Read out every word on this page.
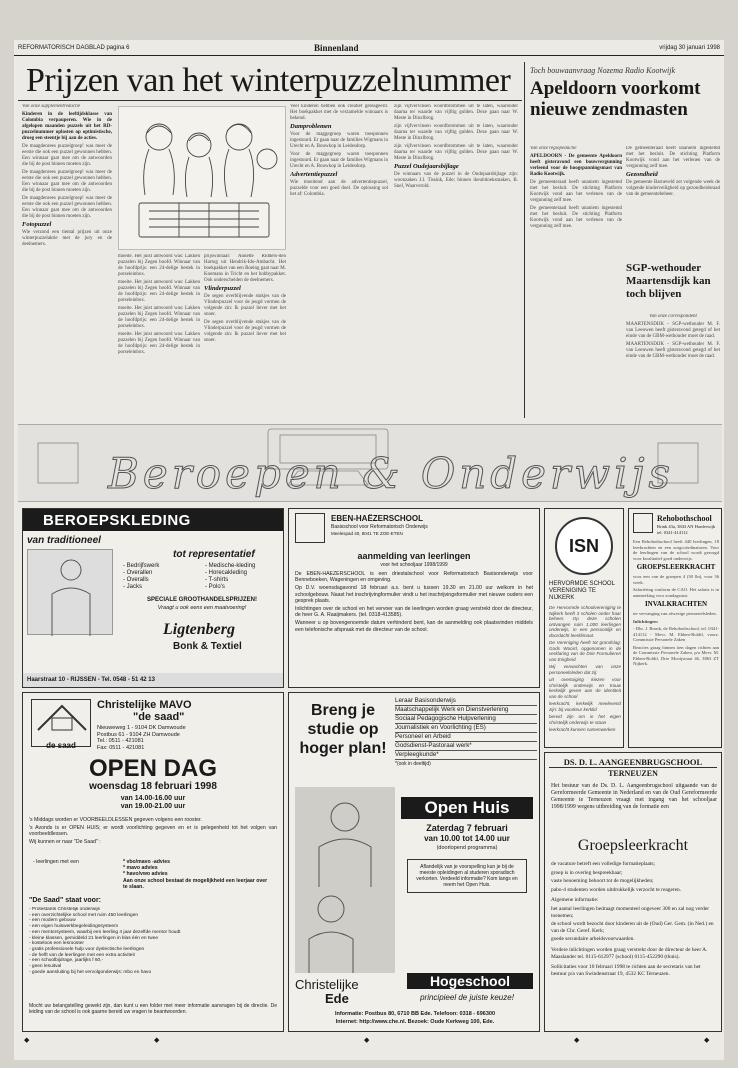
REFORMATORISCH DAGBLAD pagina 6	Binnenland	vrijdag 30 januari 1998
Prijzen van het winterpuzzelnummer

Van onze supplementredactie

Kinderen in de leeftijdsklasse van Colombia verpauperen. Wie in de afgelopen maanden puzzels uit het RD-puzzelnummer oplosten op optimistische, droeg een steentje bij aan de acties.

De maagdenrees puzzelgroep! was meer de eerste die ook een puzzel gewonnen hebben. Een winnaar gaat mee om de antwoorden die bij de post binnen moeten zijn.

De maagdenrees puzzelgroep! was meer de eerste die ook een puzzel gewonnen hebben. Een winnaar gaat mee om de antwoorden die bij de post binnen moeten zijn.

De maagdenrees puzzelgroep! was meer de eerste die ook een puzzel gewonnen hebben. Een winnaar gaat mee om de antwoorden die bij de post binnen moeten zijn.

Fotopuzzel

Wie verzond een tiental prijzen uit onze winterpuzzelaktie met de jury en de deelnemers.

moeite. Het juist antwoord was: Lakken puzzelen bij Zegen hoofd. Winnaar van de hoofdprijs: een 24-delige bestek in porseleinbox.

moeite. Het juist antwoord was: Lakken puzzelen bij Zegen hoofd. Winnaar van de hoofdprijs: een 24-delige bestek in porseleinbox.

moeite. Het juist antwoord was: Lakken puzzelen bij Zegen hoofd. Winnaar van de hoofdprijs: een 24-delige bestek in porseleinbox.

moeite. Het juist antwoord was: Lakken puzzelen bij Zegen hoofd. Winnaar van de hoofdprijs: een 24-delige bestek in porseleinbox.

prijswinnaar: Annette Ridders-den Hartog uit Hendrik-Ido-Ambacht. Het boekpakket van een Boeing gaat naar M. Koemans in Tricht en het hobbypakket. Ook onderscheiden de deelnemers.

Vlinderpuzzel

De segen overblijvende stukjes van de Vlinderpuzzel voor de jeugd vormen de volgende zin: Ik puzzel liever met het snoer.

De segen overblijvende stukjes van de Vlinderpuzzel voor de jeugd vormen de volgende zin: Ik puzzel liever met het snoer.

Veel kinderen hebben ook creatief gereageerd. Het boekpakket met de verzamelde winnaars is bekend.

Damproblemen

Voor de maggegroep waren toesponnen ingestuurd. Er gaan naar de families Wigmans in Urecht en A. Bouwkop in Leidesdorp.

Voor de maggegroep waren toesponnen ingestuurd. Er gaan naar de families Wigmans in Urecht en A. Bouwkop in Leidesdorp.

Advertentiepuzzel

Wie moeitend aan de advertentiepuzzel, puzzelde voor een goed doel. De oplossing sol het af: Colombia.

zijn vijfvervinsen woordbrommen uit te laten, waaronder daarna ter waarde van vijftig gulden. Deze gaan naar W. Meste in Dinxlbrog.

zijn vijfvervinsen woordbrommen uit te laten, waaronder daarna ter waarde van vijftig gulden. Deze gaan naar W. Meste in Dinxlbrog.

zijn vijfvervinsen woordbrommen uit te laten, waaronder daarna ter waarde van vijftig gulden. Deze gaan naar W. Meste in Dinxlbrog.

Puzzel Oudejaarsbijlage

De winnaars van de puzzel in de Oudejaarsbijlage zijn: woonzaken J.I. Tissink, Ede; binnen ikeuitdoeksmaken, B. Snel, Waarverold.

Toch bouwaanvraag Nozema Radio Kootwijk
Apeldoorn voorkomt nieuwe zendmasten

Van onze regiopedactie

APELDOORN - De gemeente Apeldoorn heeft gisteravond een bouwvergunning verleend voor de hoogspanningsmast van Radio Kootwijk.

De gemeenteraad heeft unaniem ingestemd met het besluit. De stichting Platform Kootwijk vond aan het verlenen van de vergunning zelf mee.

De gemeenteraad heeft unaniem ingestemd met het besluit. De stichting Platform Kootwijk vond aan het verlenen van de vergunning zelf mee.

De gemeenteraad heeft unaniem ingestemd met het besluit. De stichting Platform Kootwijk vond aan het verlenen van de vergunning zelf mee.

Gezondheid

De gemeente Barneveld zet volgende week de volgende kinderveiligheid op gezondheidsraad van de gemeentebeheer.

SGP-wethouder Maartensdijk kan toch blijven

Van onze correspondent

MAARTENSDIJK - SGP-wethouder M. F. van Leeuwen heeft gisteravond getegd of het einde van de GBM-wethouder moet de raad.

MAARTENSDIJK - SGP-wethouder M. F. van Leeuwen heeft gisteravond getegd of het einde van de GBM-wethouder moet de raad.

Beroepen & Onderwijs
BEROEPSKLEDING
van traditioneel
tot representatief
- Bedrijfswerk
- Overallen
- Overalls
- Jacks
- Medische-kleding
- Horecakleding
- T-shirts
- Polo's
SPECIALE GROOTHANDELSPRIJZEN!
Vraagt u ook eens een maatvoering!
Ligtenberg
Bonk & Textiel
Haarstraat 10 - RIJSSEN - Tel. 0548 - 51 42 13
EBEN-HAËZERSCHOOL
Basisschool voor Reformatorisch Onderwijs
Meelespad 40, 8041 TE ZOE-ETEN
aanmelding van leerlingen
voor het schooljaar 1998/1999

De EBEN-HAËZERSCHOOL is een driestalschool voor Reformatorisch Basisonderwijs voor Benneboeken, Wageningen en omgeving.

Op D.V. woensdagavond 18 februari a.s. bent u tussen 19.30 en 21.00 uur welkom in het schoolgebouw. Naast het inschrijvingformulier vindt u het inschrijvingsformulier met nieuwe ouders een gesprek plaats.

Inlichtingen over de school en het vervoer van de leerlingen worden graag verstrekt door de directeur, de heer G. A. Raaijmakers. (tel. 0318-413585).

Wanneer u op bovengenoemde datum verhinderd bent, kan de aanmelding ook plaatsvinden middels een telefonische afspraak met de directeur van de school.

ISN
HERVORMDE SCHOOL VERENIGING TE NIJKERK

De Hervormde schoolvereniging te Nijkerk heeft 3 scholen onder haar beheer. Op deze scholen ontvangen ruim 1.000 leerlingen onderwijs, in een persoonlijk en doordacht leerklimaat.

De Vereniging heeft tot grondslag: Gods Woord, opgenomen in de verklaring van de Drie Formulieren van Enigheid.

Wij verwachten van onze personeelsleden dat zij:

uit overtuiging kiezen voor christelijk onderwijs en trouw kerkelijk geven aan de identiteit van de school

leerkracht, kerkelijk meelevend zijn: bij voorkeur kerklid

bereid zijn om in het eigen christelijk onderwijs te staan

leerkracht kunnen samenwerken

Rehobothschool
Brink 43a, 3843 AN Harderwijk
tel. 0341-414112

Een Rehobothschool heeft 440 leerlingen, 18 leerkrachten en een zorgcoördinatoren. Voor de leerlingen van de school wordt gezorgd voor kwalitatief goed onderwijs.

GROEPSLEERKRACHT

voor een van de groepen 4 (30 lln), voor 36 week.

Salariëring conform de CAO. Het salaris is in aanmerking voor zondagsrust.

INVALKRACHTEN

ter vervanging van afwezige personeelsleden.

Inlichtingen:

- Dhr. J. Bronk, de Rehobothschool, tel. 0341-414112 - Mevr. M. Ebben-Roldil, voorz. Commissie Personele Zaken

Reacties graag binnen tien dagen richten aan de Commissie Personele Zaken, p/a Mevr. M. Ebben-Roldil, Drie Mooijstraat 46, 3863 ZT Nijkerk.

de saad
Christelijke MAVO
"de saad"
Nieuweweg 1 - 9104 DK Damwoude
Postbus 61 - 9104 ZH Damwoude
Tel.: 0511 - 421081
Fax: 0511 - 421081
OPEN DAG
woensdag 18 februari 1998
van 14.00-16.00 uur
van 19.00-21.00 uur

's Middags worden er VOORBEELDLESSEN gegeven volgens een rooster.

's Avonds is er OPEN HUIS; er wordt voorlichting gegeven en er is gelegenheid tot het volgen van voorbeeldlessen.

Wij kunnen er naar "De Saad" :

- leerlingen met een	* vbo/mavo -advies
* mavo advies
* havo/vwo advies
Aan onze school bestaat de mogelijkheid een leerjaar over te slaan.
"De Saad" staat voor:
- Protestants Christelijk onderwijs
- een overzichtelijke school met ruim 450 leerlingen
- een modern gebouw
- een eigen huiswerkbegeleidingssysteem
- een mentorsysteem, waarbij een leerling 4 jaar dezelfde mentor houdt
- kleine klassen, gemiddeld 21 leerlingen in klas één en twee
- kosteloos een lesrooster
- gratis professionele hulp voor dyslectische leerlingen
- de helft van de leerlingen met een extra activiteit
- een schoolbijdrage, jaarlijks f 60,-
- geen lesuitval
- goede aansluiting bij het vervolgonderwijs: mbo en havo
Mocht uw belangstelling gewekt zijn, dan kunt u een folder met meer informatie aanvragen bij de directie. De leiding van de school is ook gaarne bereid uw vragen te beantwoorden.
Breng je
studie op
hoger plan!
Leraar Basisonderwijs
Maatschappelijk Werk en Dienstverlening
Sociaal Pedagogische Hulpverlening
Journalistiek en Voorlichting (ES)
Personeel en Arbeid
Godsdienst-Pastoraal werk*
Verpleegkunde*
*(ook in deeltijd)
Open Huis
Zaterdag 7 februari
van 10.00 tot 14.00 uur
(doorlopend programma)
Aflandelijk van je voorspelling kun je bij de meeste opleidingen al studeren sporadisch verkorten. Verdeeld informatie? Kom langs en neem het Open Huis.
Christelijke	Hogeschool
Ede	principieel de juiste keuze!
Informatie: Postbus 80, 6710 BB Ede. Telefoon: 0318 - 696300
Internet: http://www.che.nl. Bezoek: Oude Kerkweg 100, Ede.
DS. D. L. AANGEENBRUGSCHOOL
TERNEUZEN
Het bestuur van de Ds. D. L. Aangeenbrugschool uitgaande van de Gereformeerde Gemeente in Nederland en van de Oud Gereformeerde Gemeente te Terneuzen vraagt met ingang van het schooljaar 1998/1999 wegens uitbreiding van de formatie een
Groepsleerkracht

de vacature betreft een volledige formatieplaats;

groep is in overleg bespreekbaar;

vaste benoeming behoort tot de mogelijkheden;

pabo-4 studenten worden uitdrukkelijk verzocht te reageren.

Algemene informatie:

het aantal leerlingen bedraagt momenteel ongeveer 300 en zal nog verder toenemen;

de school wordt bezocht door kinderen uit de (Oud) Ger. Gem. (in Ned.) en van de Chr. Geref. Kerk;

goede secundaire arbeidsvoorwaarden.

Verdere inlichtingen worden graag verstrekt door de directeur de heer A. Maaslander tel. 0115-612977 (school) 0115-452290 (thuis).

Sollicitaties voor 10 februari 1998 te richten aan de secretaris van het bestuur p/a van Swindenstraat 19, 4532 KC Terneuzen.

◆	◆	◆	◆	◆
